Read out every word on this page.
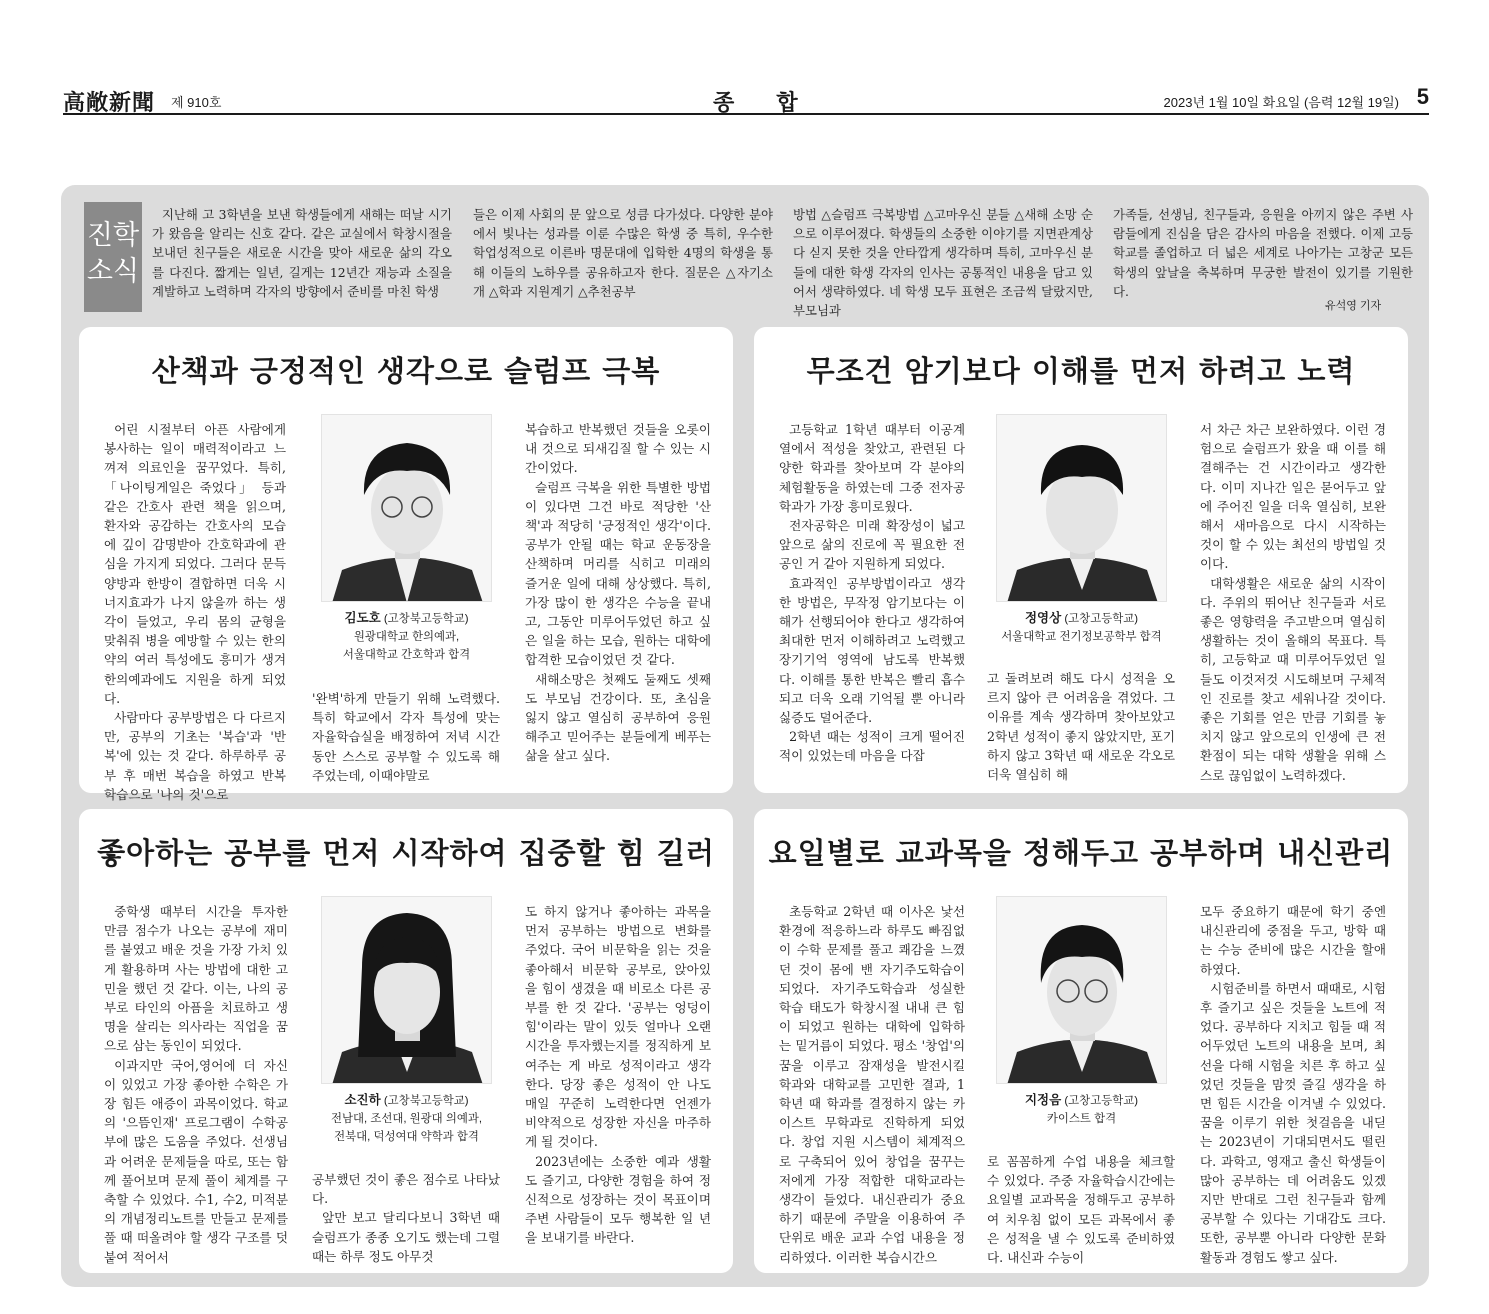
高敞新聞 제 910호	종 합	2023년 1월 10일 화요일 (음력 12월 19일) 5
진학
소식
지난해 고 3학년을 보낸 학생들에게 새해는 떠날 시기가 왔음을 알리는 신호 같다. 같은 교실에서 학창시절을 보내던 친구들은 새로운 시간을 맞아 새로운 삶의 각오를 다진다. 짧게는 일년, 길게는 12년간 재능과 소질을 계발하고 노력하며 각자의 방향에서 준비를 마친 학생
들은 이제 사회의 문 앞으로 성큼 다가섰다. 다양한 분야에서 빛나는 성과를 이룬 수많은 학생 중 특히, 우수한 학업성적으로 이른바 명문대에 입학한 4명의 학생을 통해 이들의 노하우를 공유하고자 한다. 질문은 △자기소개 △학과 지원계기 △추천공부
방법 △슬럼프 극복방법 △고마우신 분들 △새해 소망 순으로 이루어졌다. 학생들의 소중한 이야기를 지면관계상 다 싣지 못한 것을 안타깝게 생각하며 특히, 고마우신 분들에 대한 학생 각자의 인사는 공통적인 내용을 담고 있어서 생략하였다. 네 학생 모두 표현은 조금씩 달랐지만, 부모님과
가족들, 선생님, 친구들과, 응원을 아끼지 않은 주변 사람들에게 진심을 담은 감사의 마음을 전했다. 이제 고등학교를 졸업하고 더 넓은 세계로 나아가는 고창군 모든 학생의 앞날을 축복하며 무궁한 발전이 있기를 기원한다.
유석영 기자
산책과 긍정적인 생각으로 슬럼프 극복

어린 시절부터 아픈 사람에게 봉사하는 일이 매력적이라고 느껴져 의료인을 꿈꾸었다. 특히, 「나이팅게일은 죽었다」 등과 같은 간호사 관련 책을 읽으며, 환자와 공감하는 간호사의 모습에 깊이 감명받아 간호학과에 관심을 가지게 되었다. 그러다 문득 양방과 한방이 결합하면 더욱 시너지효과가 나지 않을까 하는 생각이 들었고, 우리 몸의 균형을 맞춰줘 병을 예방할 수 있는 한의약의 여러 특성에도 흥미가 생겨 한의예과에도 지원을 하게 되었다.

사람마다 공부방법은 다 다르지만, 공부의 기초는 '복습'과 '반복'에 있는 것 같다. 하루하루 공부 후 매번 복습을 하였고 반복 학습으로 '나의 것'으로

김도호 (고창북고등학교)
원광대학교 한의예과,
서울대학교 간호학과 합격

'완벽'하게 만들기 위해 노력했다. 특히 학교에서 각자 특성에 맞는 자율학습실을 배정하여 저녁 시간 동안 스스로 공부할 수 있도록 해주었는데, 이때야말로

복습하고 반복했던 것들을 오롯이 내 것으로 되새김질 할 수 있는 시간이었다.

슬럼프 극복을 위한 특별한 방법이 있다면 그건 바로 적당한 '산책'과 적당히 '긍정적인 생각'이다. 공부가 안될 때는 학교 운동장을 산책하며 머리를 식히고 미래의 즐거운 일에 대해 상상했다. 특히, 가장 많이 한 생각은 수능을 끝내고, 그동안 미루어두었던 하고 싶은 일을 하는 모습, 원하는 대학에 합격한 모습이었던 것 같다.

새해소망은 첫째도 둘째도 셋째도 부모님 건강이다. 또, 초심을 잃지 않고 열심히 공부하여 응원해주고 믿어주는 분들에게 베푸는 삶을 살고 싶다.

무조건 암기보다 이해를 먼저 하려고 노력

고등학교 1학년 때부터 이공계열에서 적성을 찾았고, 관련된 다양한 학과를 찾아보며 각 분야의 체험활동을 하였는데 그중 전자공학과가 가장 흥미로웠다.

전자공학은 미래 확장성이 넓고 앞으로 삶의 진로에 꼭 필요한 전공인 거 같아 지원하게 되었다.

효과적인 공부방법이라고 생각한 방법은, 무작정 암기보다는 이해가 선행되어야 한다고 생각하여 최대한 먼저 이해하려고 노력했고 장기기억 영역에 남도록 반복했다. 이해를 통한 반복은 빨리 흡수되고 더욱 오래 기억될 뿐 아니라 싫증도 덜어준다.

2학년 때는 성적이 크게 떨어진 적이 있었는데 마음을 다잡

정영상 (고창고등학교)
서울대학교 전기정보공학부 합격

고 돌려보려 해도 다시 성적을 오르지 않아 큰 어려움을 겪었다. 그 이유를 계속 생각하며 찾아보았고 2학년 성적이 좋지 않았지만, 포기하지 않고 3학년 때 새로운 각오로 더욱 열심히 해

서 차근 차근 보완하였다. 이런 경험으로 슬럼프가 왔을 때 이를 해결해주는 건 시간이라고 생각한다. 이미 지나간 일은 묻어두고 앞에 주어진 일을 더욱 열심히, 보완해서 새마음으로 다시 시작하는 것이 할 수 있는 최선의 방법일 것이다.

대학생활은 새로운 삶의 시작이다. 주위의 뛰어난 친구들과 서로 좋은 영향력을 주고받으며 열심히 생활하는 것이 올해의 목표다. 특히, 고등학교 때 미루어두었던 일들도 이것저것 시도해보며 구체적인 진로를 찾고 세워나갈 것이다. 좋은 기회를 얻은 만큼 기회를 놓치지 않고 앞으로의 인생에 큰 전환점이 되는 대학 생활을 위해 스스로 끊임없이 노력하겠다.

좋아하는 공부를 먼저 시작하여 집중할 힘 길러

중학생 때부터 시간을 투자한 만큼 점수가 나오는 공부에 재미를 붙였고 배운 것을 가장 가치 있게 활용하며 사는 방법에 대한 고민을 했던 것 같다. 이는, 나의 공부로 타인의 아픔을 치료하고 생명을 살리는 의사라는 직업을 꿈으로 삼는 동인이 되었다.

이과지만 국어,영어에 더 자신이 있었고 가장 좋아한 수학은 가장 힘든 애증이 과목이었다. 학교의 '으뜸인재' 프로그램이 수학공부에 많은 도움을 주었다. 선생님과 어려운 문제들을 따로, 또는 함께 풀어보며 문제 풀이 체계를 구축할 수 있었다. 수1, 수2, 미적분의 개념정리노트를 만들고 문제를 풀 때 떠올려야 할 생각 구조를 덧붙여 적어서

소진하 (고창북고등학교)
전남대, 조선대, 원광대 의예과,
전북대, 덕성여대 약학과 합격

공부했던 것이 좋은 점수로 나타났다.

앞만 보고 달리다보니 3학년 때 슬럼프가 종종 오기도 했는데 그럴 때는 하루 정도 아무것

도 하지 않거나 좋아하는 과목을 먼저 공부하는 방법으로 변화를 주었다. 국어 비문학을 읽는 것을 좋아해서 비문학 공부로, 앉아있을 힘이 생겼을 때 비로소 다른 공부를 한 것 같다. '공부는 엉덩이 힘'이라는 말이 있듯 얼마나 오랜 시간을 투자했는지를 정직하게 보여주는 게 바로 성적이라고 생각한다. 당장 좋은 성적이 안 나도 매일 꾸준히 노력한다면 언젠가 비약적으로 성장한 자신을 마주하게 될 것이다.

2023년에는 소중한 예과 생활도 즐기고, 다양한 경험을 하여 정신적으로 성장하는 것이 목표이며 주변 사람들이 모두 행복한 일 년을 보내기를 바란다.

요일별로 교과목을 정해두고 공부하며 내신관리

초등학교 2학년 때 이사온 낯선 환경에 적응하느라 하루도 빠짐없이 수학 문제를 풀고 쾌감을 느꼈던 것이 몸에 밴 자기주도학습이 되었다. 자기주도학습과 성실한 학습 태도가 학창시절 내내 큰 힘이 되었고 원하는 대학에 입학하는 밑거름이 되었다. 평소 '창업'의 꿈을 이루고 잠재성을 발전시킬 학과와 대학교를 고민한 결과, 1학년 때 학과를 결정하지 않는 카이스트 무학과로 진학하게 되었다. 창업 지원 시스템이 체계적으로 구축되어 있어 창업을 꿈꾸는 저에게 가장 적합한 대학교라는 생각이 들었다. 내신관리가 중요하기 때문에 주말을 이용하여 주 단위로 배운 교과 수업 내용을 정리하였다. 이러한 복습시간으

지정음 (고창고등학교)
카이스트 합격

로 꼼꼼하게 수업 내용을 체크할 수 있었다. 주중 자율학습시간에는 요일별 교과목을 정해두고 공부하여 치우침 없이 모든 과목에서 좋은 성적을 낼 수 있도록 준비하였다. 내신과 수능이

모두 중요하기 때문에 학기 중엔 내신관리에 중점을 두고, 방학 때는 수능 준비에 많은 시간을 할애하였다.

시험준비를 하면서 때때로, 시험 후 즐기고 싶은 것들을 노트에 적었다. 공부하다 지치고 힘들 때 적어두었던 노트의 내용을 보며, 최선을 다해 시험을 치른 후 하고 싶었던 것들을 맘껏 즐길 생각을 하면 힘든 시간을 이겨낼 수 있었다. 꿈을 이루기 위한 첫걸음을 내딛는 2023년이 기대되면서도 떨린다. 과학고, 영재고 출신 학생들이 많아 공부하는 데 어려움도 있겠지만 반대로 그런 친구들과 함께 공부할 수 있다는 기대감도 크다. 또한, 공부뿐 아니라 다양한 문화활동과 경험도 쌓고 싶다.
